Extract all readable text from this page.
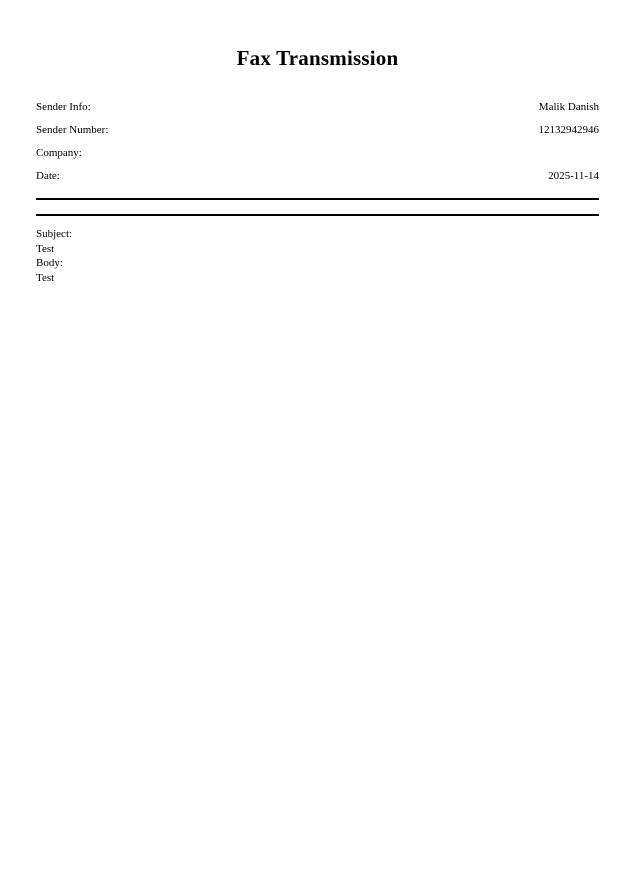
Fax Transmission
Sender Info:	Malik Danish
Sender Number:	12132942946
Company:
Date:	2025-11-14
Subject:
Test
Body:
Test
